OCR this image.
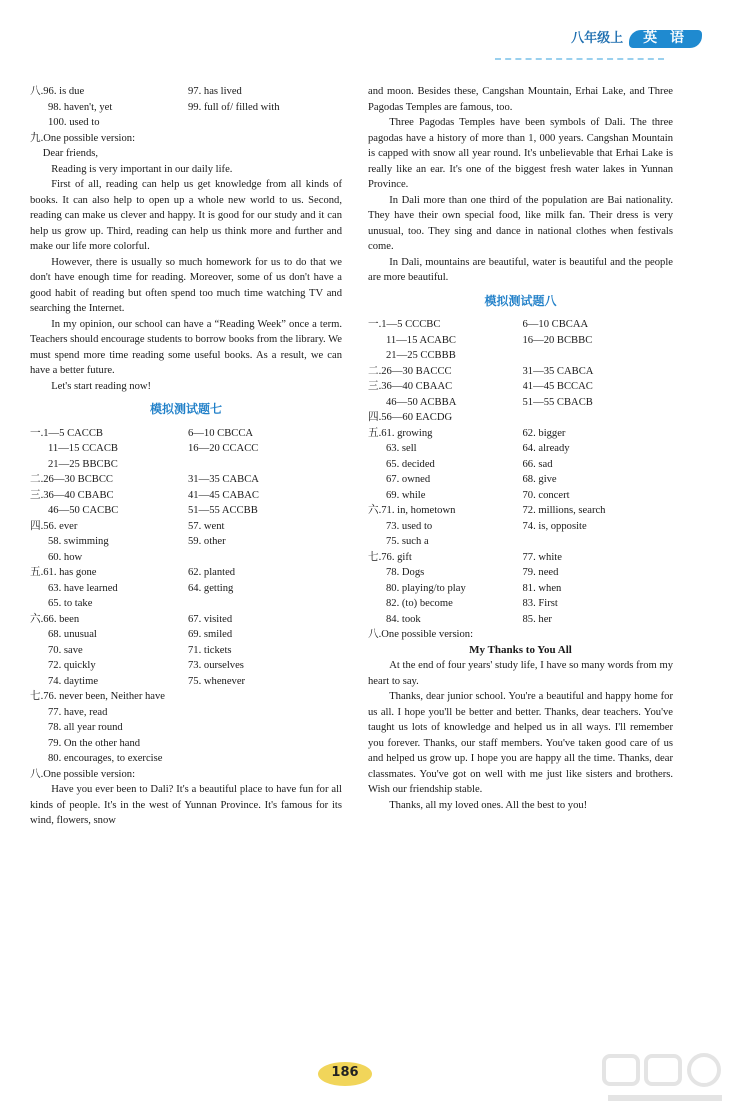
八年级上	英 语
八.96. is due	97. has lived
98. haven't, yet	99. full of/ filled with
100. used to

九.One possible version:

Dear friends,

Reading is very important in our daily life.

First of all, reading can help us get knowledge from all kinds of books. It can also help to open up a whole new world to us. Second, reading can make us clever and happy. It is good for our study and it can help us grow up. Third, reading can help us think more and further and make our life more colorful.

However, there is usually so much homework for us to do that we don't have enough time for reading. Moreover, some of us don't have a good habit of reading but often spend too much time watching TV and searching the Internet.

In my opinion, our school can have a “Reading Week” once a term. Teachers should encourage students to borrow books from the library. We must spend more time reading some useful books. As a result, we can have a better future.

Let's start reading now!

模拟测试题七
一.1—5 CACCB	6—10 CBCCA
11—15 CCACB	16—20 CCACC
21—25 BBCBC
二.26—30 BCBCC	31—35 CABCA
三.36—40 CBABC	41—45 CABAC
46—50 CACBC	51—55 ACCBB
四.56. ever	57. went
58. swimming	59. other
60. how
五.61. has gone	62. planted
63. have learned	64. getting
65. to take
六.66. been	67. visited
68. unusual	69. smiled
70. save	71. tickets
72. quickly	73. ourselves
74. daytime	75. whenever
七.76. never been, Neither have
77. have, read
78. all year round
79. On the other hand
80. encourages, to exercise

八.One possible version:

Have you ever been to Dali? It's a beautiful place to have fun for all kinds of people. It's in the west of Yunnan Province. It's famous for its wind, flowers, snow

and moon. Besides these, Cangshan Mountain, Erhai Lake, and Three Pagodas Temples are famous, too.

Three Pagodas Temples have been symbols of Dali. The three pagodas have a history of more than 1, 000 years. Cangshan Mountain is capped with snow all year round. It's unbelievable that Erhai Lake is really like an ear. It's one of the biggest fresh water lakes in Yunnan Province.

In Dali more than one third of the population are Bai nationality. They have their own special food, like milk fan. Their dress is very unusual, too. They sing and dance in national clothes when festivals come.

In Dali, mountains are beautiful, water is beautiful and the people are more beautiful.

模拟测试题八
一.1—5 CCCBC	6—10 CBCAA
11—15 ACABC	16—20 BCBBC
21—25 CCBBB
二.26—30 BACCC	31—35 CABCA
三.36—40 CBAAC	41—45 BCCAC
46—50 ACBBA	51—55 CBACB
四.56—60 EACDG
五.61. growing	62. bigger
63. sell	64. already
65. decided	66. sad
67. owned	68. give
69. while	70. concert
六.71. in, hometown	72. millions, search
73. used to	74. is, opposite
75. such a
七.76. gift	77. white
78. Dogs	79. need
80. playing/to play	81. when
82. (to) become	83. First
84. took	85. her

八.One possible version:

My Thanks to You All

At the end of four years' study life, I have so many words from my heart to say.

Thanks, dear junior school. You're a beautiful and happy home for us all. I hope you'll be better and better. Thanks, dear teachers. You've taught us lots of knowledge and helped us in all ways. I'll remember you forever. Thanks, our staff members. You've taken good care of us and helped us grow up. I hope you are happy all the time. Thanks, dear classmates. You've got on well with me just like sisters and brothers. Wish our friendship stable.

Thanks, all my loved ones. All the best to you!

186
